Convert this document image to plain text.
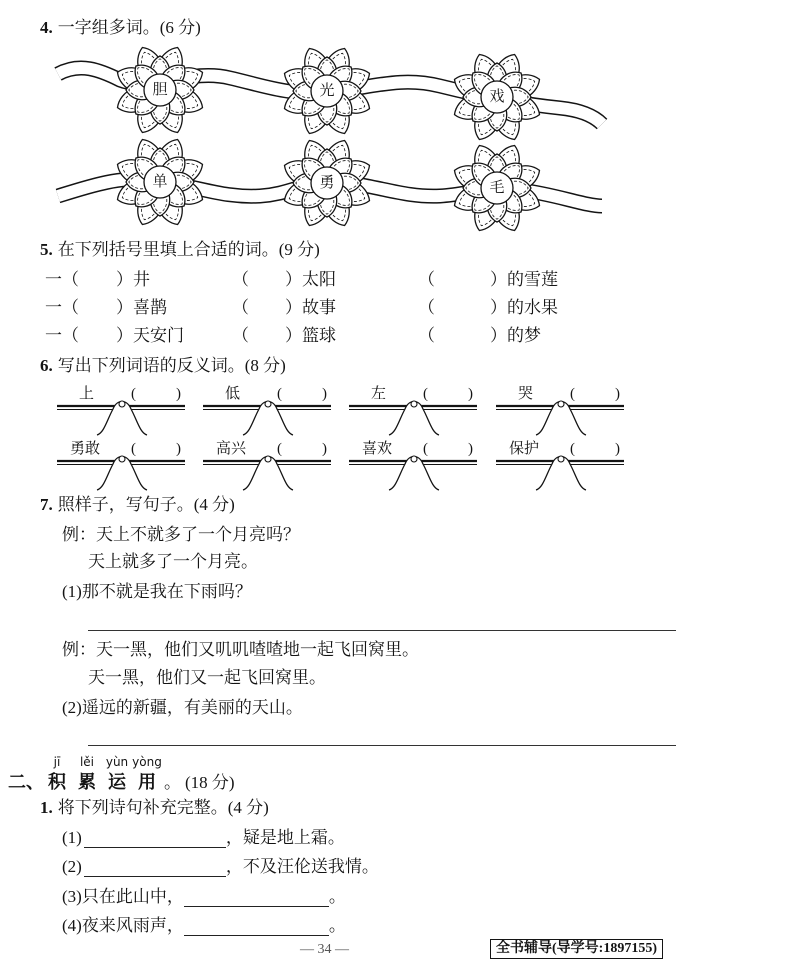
4. 一字组多词。(6 分)
胆	光	戏
单	勇	毛
5. 在下列括号里填上合适的词。(9 分)
一（ ）井	（ ）太阳	（	）的雪莲
一（ ）喜鹊	（ ）故事	（	）的水果
一（ ）天安门	（ ）篮球	（	）的梦
6. 写出下列词语的反义词。(8 分)
上 (	)	低 (	)	左 (	)	哭 (	)
勇敢 (	) 高兴 (	) 喜欢 (	) 保护 (	)
7. 照样子，写句子。(4 分)
例：天上不就多了一个月亮吗？
天上就多了一个月亮。
(1)那不就是我在下雨吗？
例：天一黑，他们又叽叽喳喳地一起飞回窝里。
天一黑，他们又一起飞回窝里。
(2)遥远的新疆，有美丽的天山。
jī	lěi yùn yòng
二、 积 累 运 用 。 (18 分)
1. 将下列诗句补充完整。(4 分)
(1)	，疑是地上霜。
(2)	，不及汪伦送我情。
(3)只在此山中，	。
(4)夜来风雨声，	。
— 34 —	全书辅导(导学号:1897155)
